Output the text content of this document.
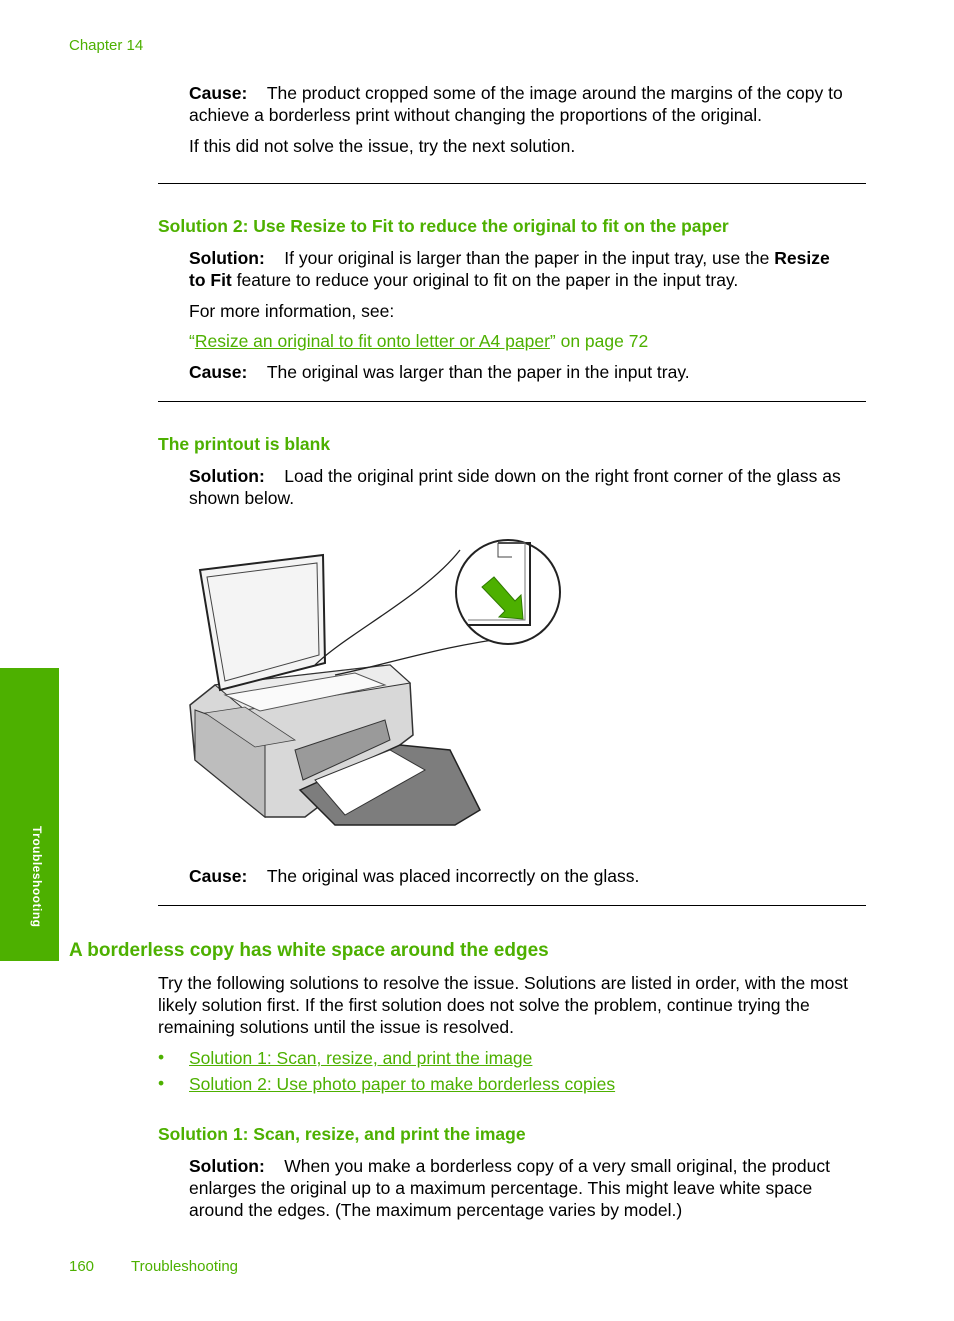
Chapter 14
Cause: The product cropped some of the image around the margins of the copy to
achieve a borderless print without changing the proportions of the original.
If this did not solve the issue, try the next solution.
Solution 2: Use Resize to Fit to reduce the original to fit on the paper
Solution: If your original is larger than the paper in the input tray, use the Resize
to Fit feature to reduce your original to fit on the paper in the input tray.
For more information, see:
“Resize an original to fit onto letter or A4 paper” on page 72
Cause: The original was larger than the paper in the input tray.
The printout is blank
Solution: Load the original print side down on the right front corner of the glass as
shown below.
Cause: The original was placed incorrectly on the glass.
A borderless copy has white space around the edges
Try the following solutions to resolve the issue. Solutions are listed in order, with the most
likely solution first. If the first solution does not solve the problem, continue trying the
remaining solutions until the issue is resolved.
• Solution 1: Scan, resize, and print the image
• Solution 2: Use photo paper to make borderless copies
Solution 1: Scan, resize, and print the image
Solution: When you make a borderless copy of a very small original, the product
enlarges the original up to a maximum percentage. This might leave white space
around the edges. (The maximum percentage varies by model.)
Troubleshooting
160 Troubleshooting
